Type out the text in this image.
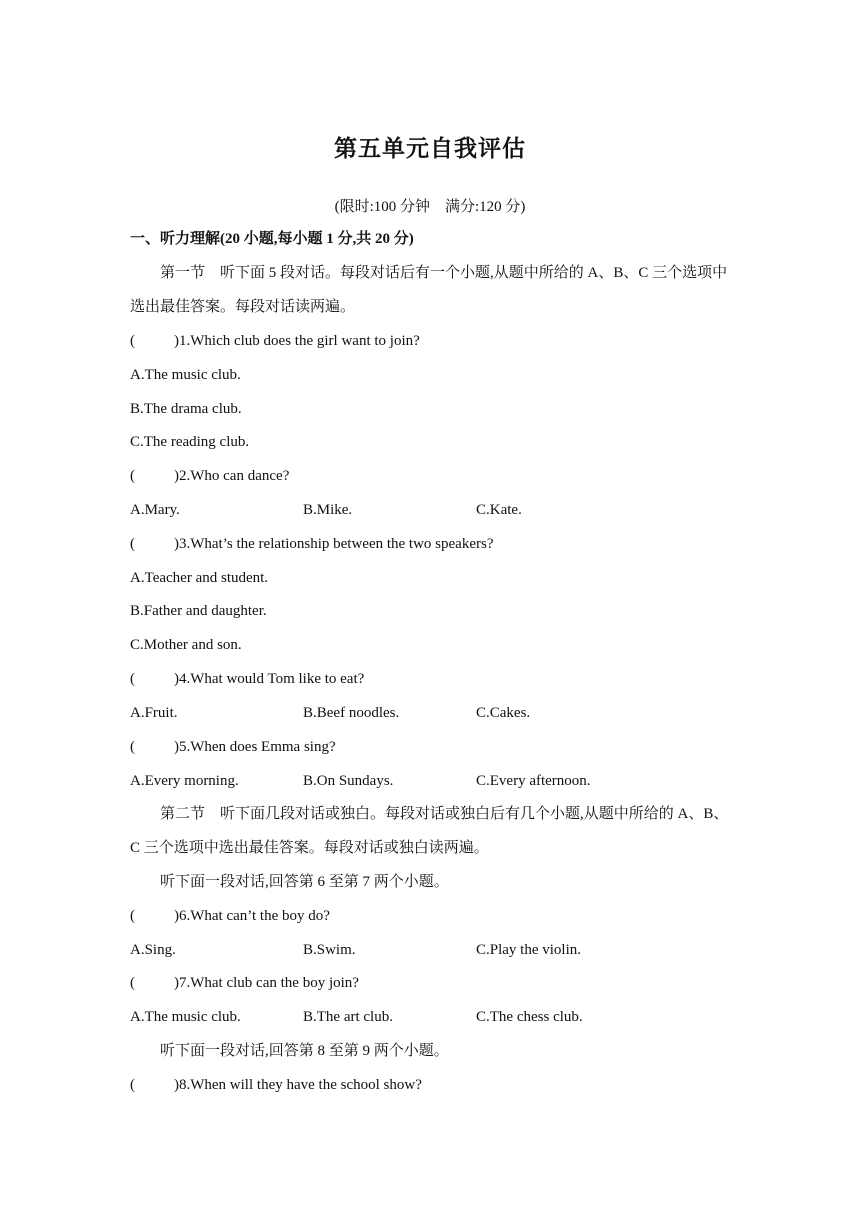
第五单元自我评估
(限时:100 分钟　满分:120 分)
一、听力理解(20 小题,每小题 1 分,共 20 分)
第一节　听下面 5 段对话。每段对话后有一个小题,从题中所给的 A、B、C 三个选项中
选出最佳答案。每段对话读两遍。
(	)1.Which club does the girl want to join?
A.The music club.
B.The drama club.
C.The reading club.
(	)2.Who can dance?
A.Mary.	B.Mike.	C.Kate.
(	)3.What’s the relationship between the two speakers?
A.Teacher and student.
B.Father and daughter.
C.Mother and son.
(	)4.What would Tom like to eat?
A.Fruit.	B.Beef noodles.	C.Cakes.
(	)5.When does Emma sing?
A.Every morning.	B.On Sundays.	C.Every afternoon.
第二节　听下面几段对话或独白。每段对话或独白后有几个小题,从题中所给的 A、B、
C 三个选项中选出最佳答案。每段对话或独白读两遍。
听下面一段对话,回答第 6 至第 7 两个小题。
(	)6.What can’t the boy do?
A.Sing.	B.Swim.	C.Play the violin.
(	)7.What club can the boy join?
A.The music club.	B.The art club.	C.The chess club.
听下面一段对话,回答第 8 至第 9 两个小题。
(	)8.When will they have the school show?
